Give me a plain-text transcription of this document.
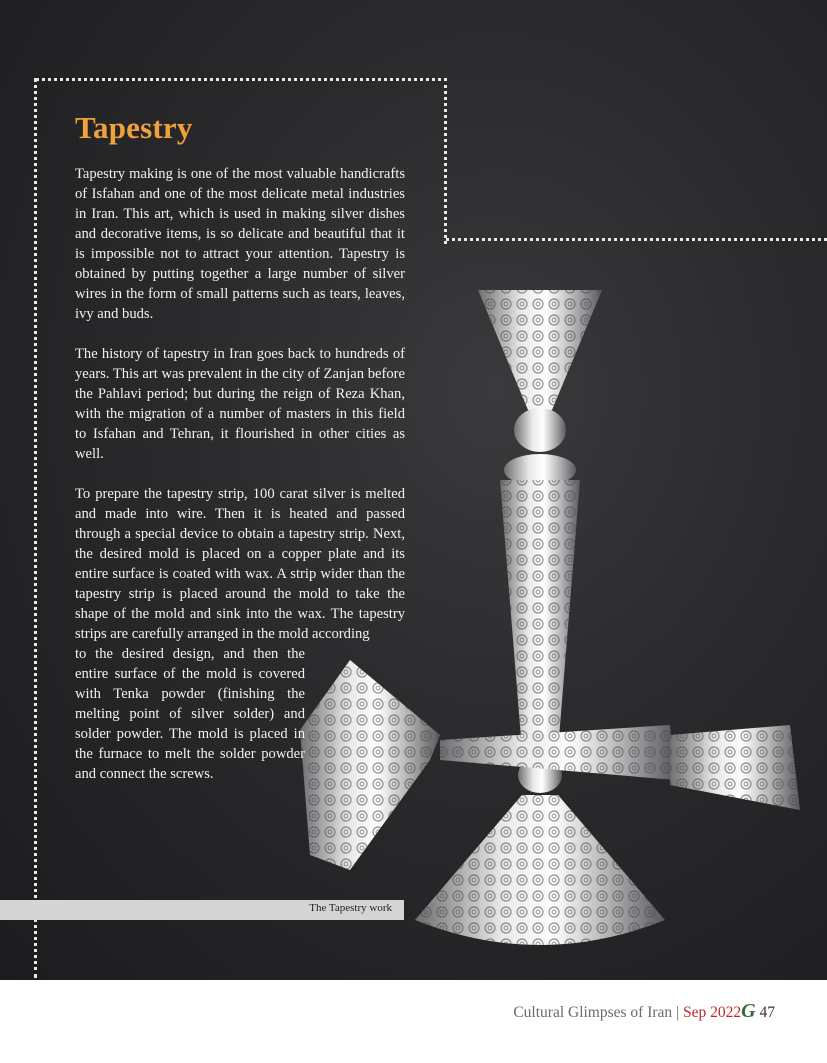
Tapestry

Tapestry making is one of the most valuable handicrafts of Isfahan and one of the most delicate metal industries in Iran. This art, which is used in making silver dishes and decorative items, is so delicate and beautiful that it is impossible not to attract your attention. Tapestry is obtained by putting together a large number of silver wires in the form of small patterns such as tears, leaves, ivy and buds.

The history of tapestry in Iran goes back to hundreds of years. This art was prevalent in the city of Zanjan before the Pahlavi period; but during the reign of Reza Khan, with the migration of a number of masters in this field to Isfahan and Tehran, it flourished in other cities as well.

To prepare the tapestry strip, 100 carat silver is melted and made into wire. Then it is heated and passed through a special device to obtain a tapestry strip. Next, the desired mold is placed on a copper plate and its entire surface is coated with wax. A strip wider than the tapestry strip is placed around the mold to take the shape of the mold and sink into the wax. The tapestry strips are carefully arranged in the mold according

to the desired design, and then the entire surface of the mold is covered with Tenka powder (finishing the melting point of silver solder) and solder powder. The mold is placed in the furnace to melt the solder powder and connect the screws.

The Tapestry work
Cultural Glimpses of Iran | Sep 2022G 47
